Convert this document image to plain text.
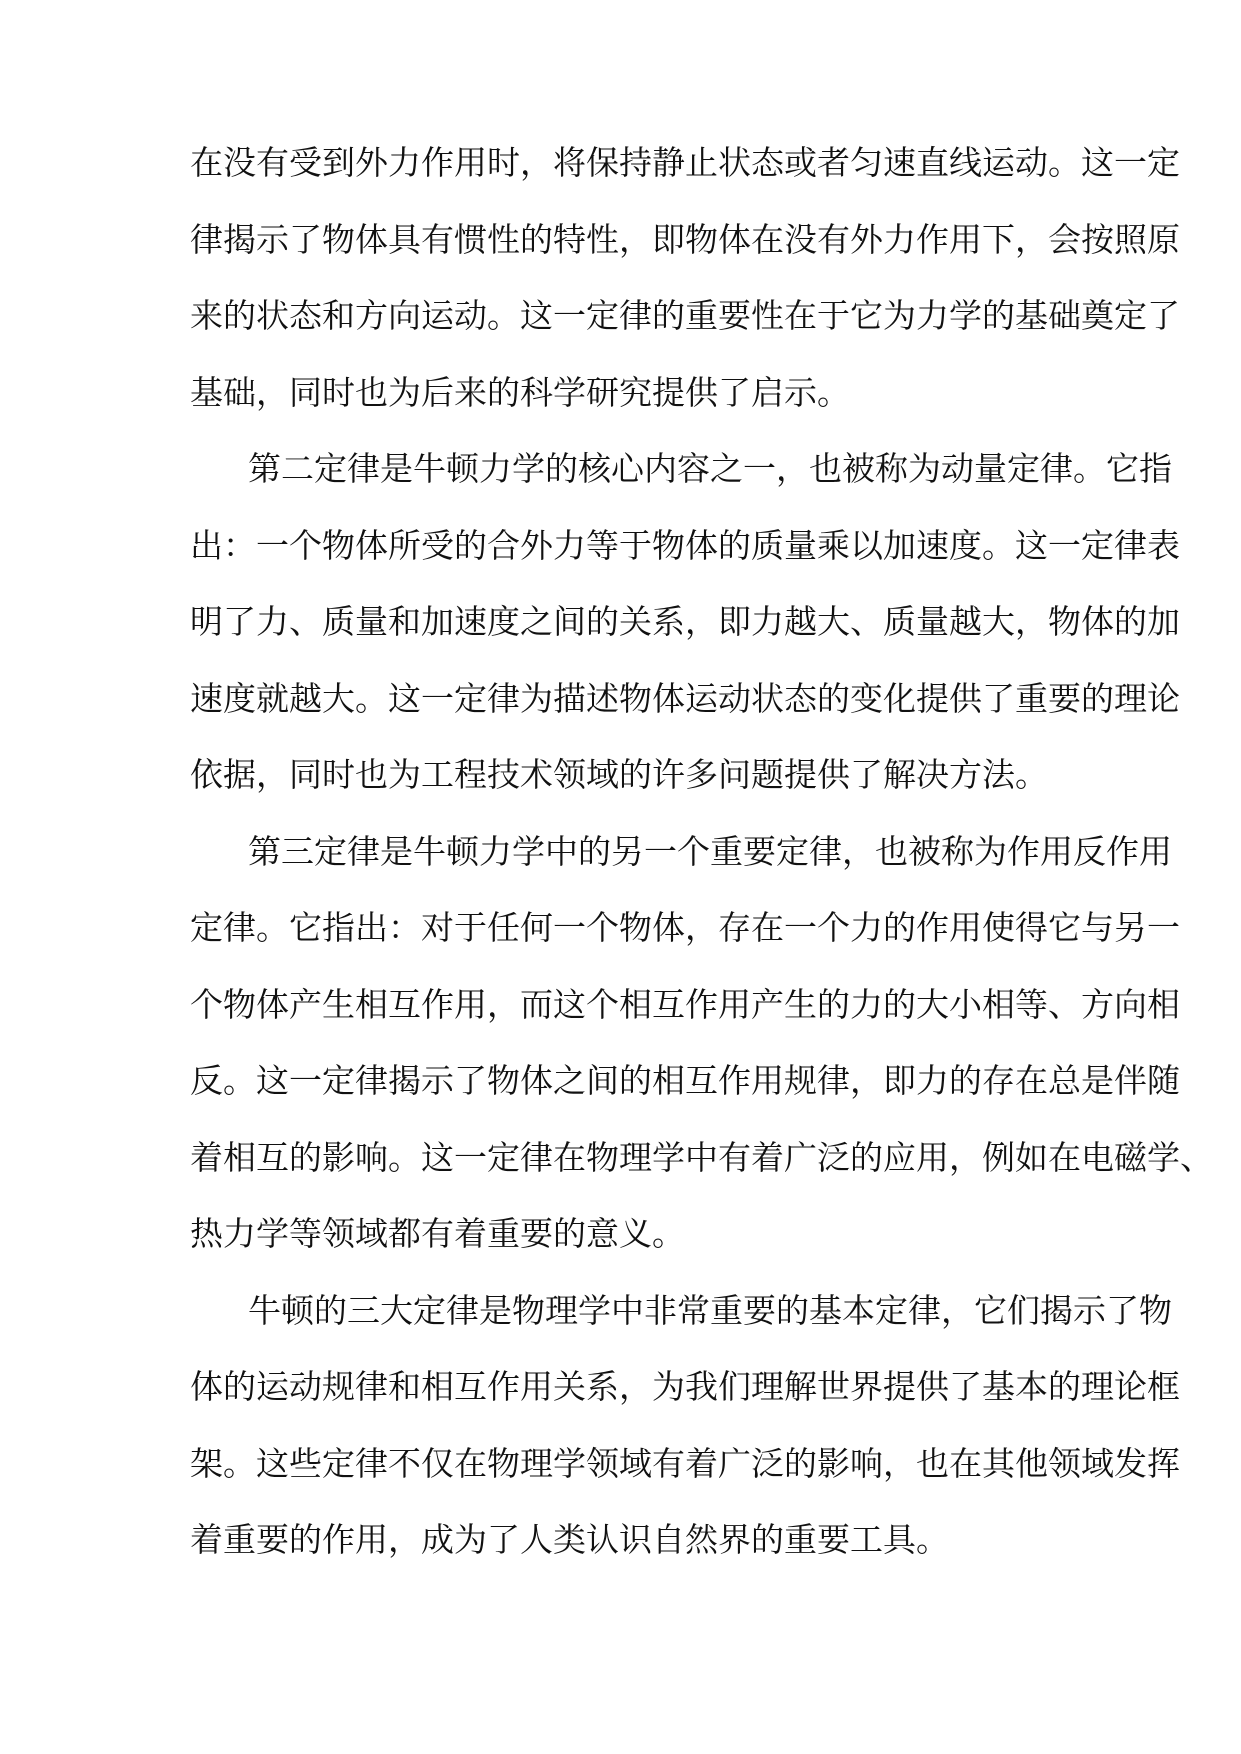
在没有受到外力作用时，将保持静止状态或者匀速直线运动。这一定
律揭示了物体具有惯性的特性，即物体在没有外力作用下，会按照原
来的状态和方向运动。这一定律的重要性在于它为力学的基础奠定了
基础，同时也为后来的科学研究提供了启示。
第二定律是牛顿力学的核心内容之一，也被称为动量定律。它指
出：一个物体所受的合外力等于物体的质量乘以加速度。这一定律表
明了力、质量和加速度之间的关系，即力越大、质量越大，物体的加
速度就越大。这一定律为描述物体运动状态的变化提供了重要的理论
依据，同时也为工程技术领域的许多问题提供了解决方法。
第三定律是牛顿力学中的另一个重要定律，也被称为作用反作用
定律。它指出：对于任何一个物体，存在一个力的作用使得它与另一
个物体产生相互作用，而这个相互作用产生的力的大小相等、方向相
反。这一定律揭示了物体之间的相互作用规律，即力的存在总是伴随
着相互的影响。这一定律在物理学中有着广泛的应用，例如在电磁学、
热力学等领域都有着重要的意义。
牛顿的三大定律是物理学中非常重要的基本定律，它们揭示了物
体的运动规律和相互作用关系，为我们理解世界提供了基本的理论框
架。这些定律不仅在物理学领域有着广泛的影响，也在其他领域发挥
着重要的作用，成为了人类认识自然界的重要工具。
